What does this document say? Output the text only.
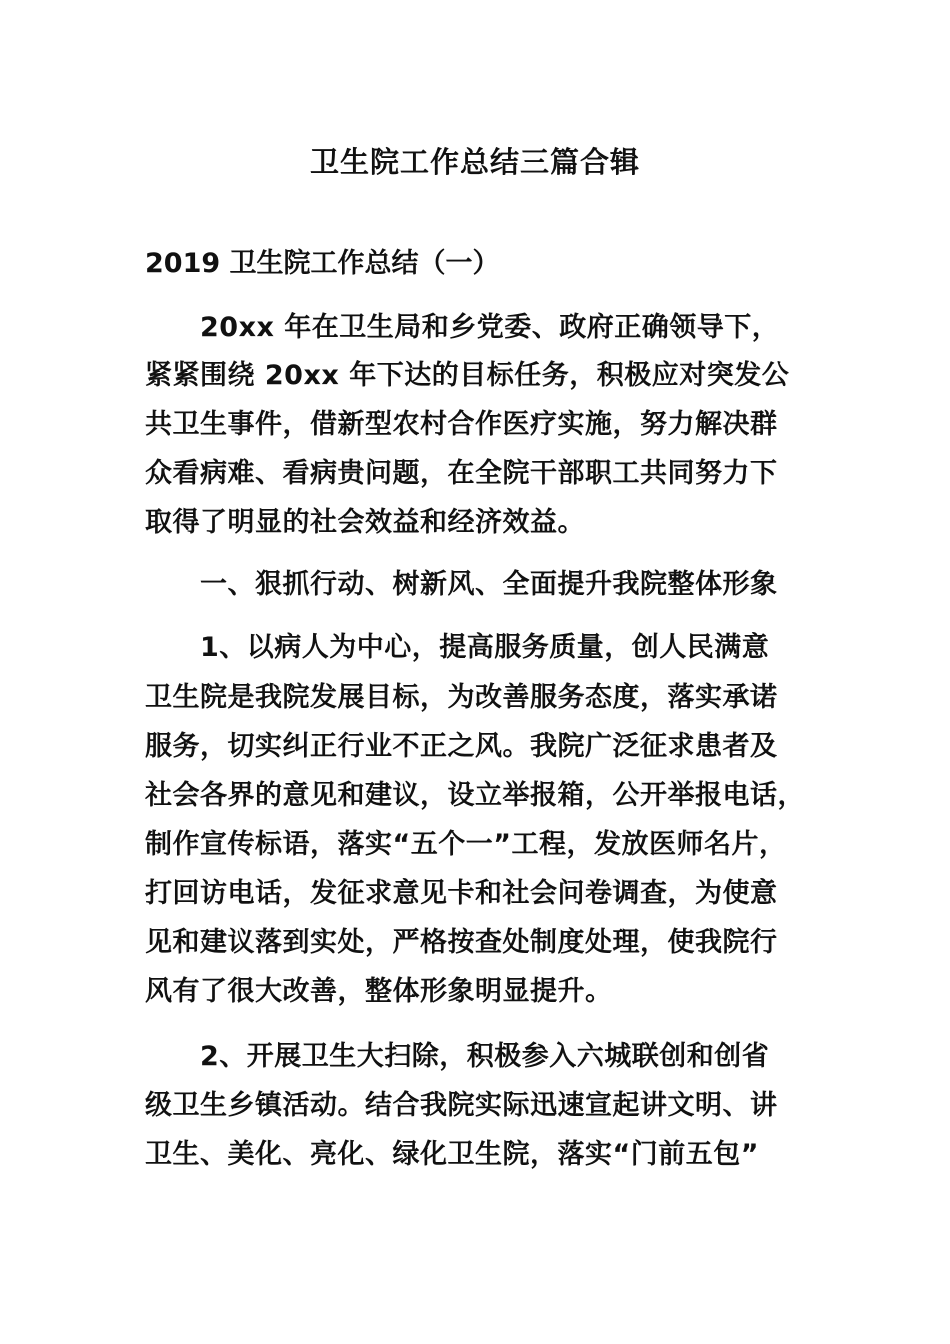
卫生院工作总结三篇合辑
2019 卫生院工作总结（一）
20xx 年在卫生局和乡党委、政府正确领导下，
紧紧围绕 20xx 年下达的目标任务，积极应对突发公
共卫生事件，借新型农村合作医疗实施，努力解决群
众看病难、看病贵问题，在全院干部职工共同努力下
取得了明显的社会效益和经济效益。
一、狠抓行动、树新风、全面提升我院整体形象
1、以病人为中心，提高服务质量，创人民满意
卫生院是我院发展目标，为改善服务态度，落实承诺
服务，切实纠正行业不正之风。我院广泛征求患者及
社会各界的意见和建议，设立举报箱，公开举报电话，
制作宣传标语，落实“五个一”工程，发放医师名片，
打回访电话，发征求意见卡和社会问卷调查，为使意
见和建议落到实处，严格按查处制度处理，使我院行
风有了很大改善，整体形象明显提升。
2、开展卫生大扫除，积极参入六城联创和创省
级卫生乡镇活动。结合我院实际迅速宣起讲文明、讲
卫生、美化、亮化、绿化卫生院，落实“门前五包”
